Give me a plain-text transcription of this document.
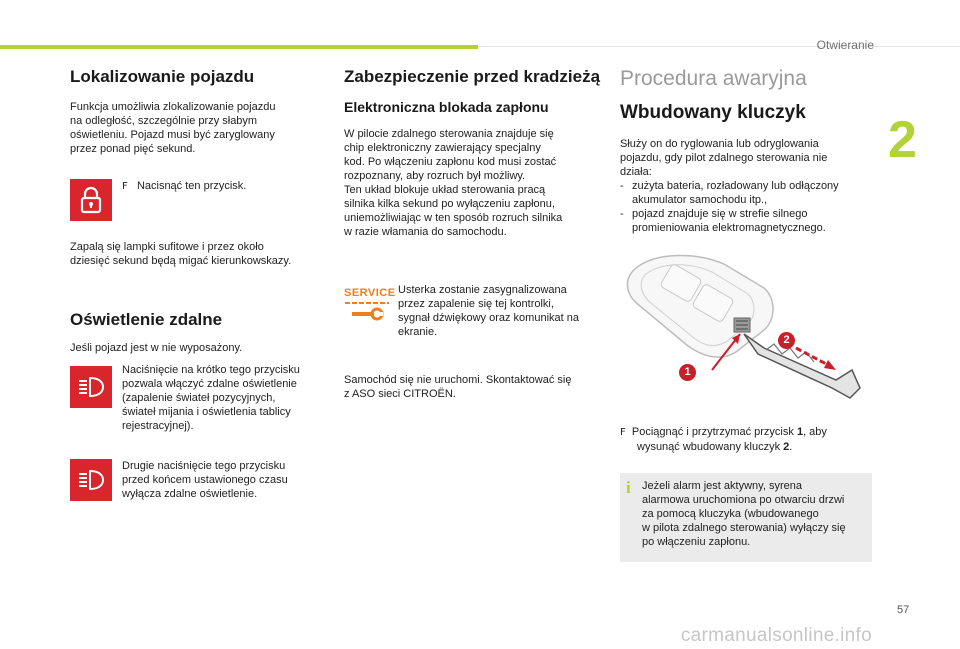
Otwieranie
2
Lokalizowanie pojazdu
Funkcja umożliwia zlokalizowanie pojazdu
na odległość, szczególnie przy słabym
oświetleniu. Pojazd musi być zaryglowany
przez ponad pięć sekund.
F Nacisnąć ten przycisk.
Zapalą się lampki sufitowe i przez około
dziesięć sekund będą migać kierunkowskazy.
Oświetlenie zdalne
Jeśli pojazd jest w nie wyposażony.
Naciśnięcie na krótko tego przycisku
pozwala włączyć zdalne oświetlenie
(zapalenie świateł pozycyjnych,
świateł mijania i oświetlenia tablicy
rejestracyjnej).
Drugie naciśnięcie tego przycisku
przed końcem ustawionego czasu
wyłącza zdalne oświetlenie.
Zabezpieczenie przed kradzieżą
Elektroniczna blokada zapłonu
W pilocie zdalnego sterowania znajduje się
chip elektroniczny zawierający specjalny
kod. Po włączeniu zapłonu kod musi zostać
rozpoznany, aby rozruch był możliwy.
Ten układ blokuje układ sterowania pracą
silnika kilka sekund po wyłączeniu zapłonu,
uniemożliwiając w ten sposób rozruch silnika
w razie włamania do samochodu.
SERVICE Usterka zostanie zasygnalizowana
przez zapalenie się tej kontrolki,
sygnał dźwiękowy oraz komunikat na
ekranie.
Samochód się nie uruchomi. Skontaktować się
z ASO sieci CITROËN.
Procedura awaryjna
Wbudowany kluczyk
Służy on do ryglowania lub odryglowania
pojazdu, gdy pilot zdalnego sterowania nie
działa:
- zużyta bateria, rozładowany lub odłączony
akumulator samochodu itp.,
- pojazd znajduje się w strefie silnego
promieniowania elektromagnetycznego.
1
2
F Pociągnąć i przytrzymać przycisk 1, aby
wysunąć wbudowany kluczyk 2.
i Jeżeli alarm jest aktywny, syrena
alarmowa uruchomiona po otwarciu drzwi
za pomocą kluczyka (wbudowanego
w pilota zdalnego sterowania) wyłączy się
po włączeniu zapłonu.
57
carmanualsonline.info
